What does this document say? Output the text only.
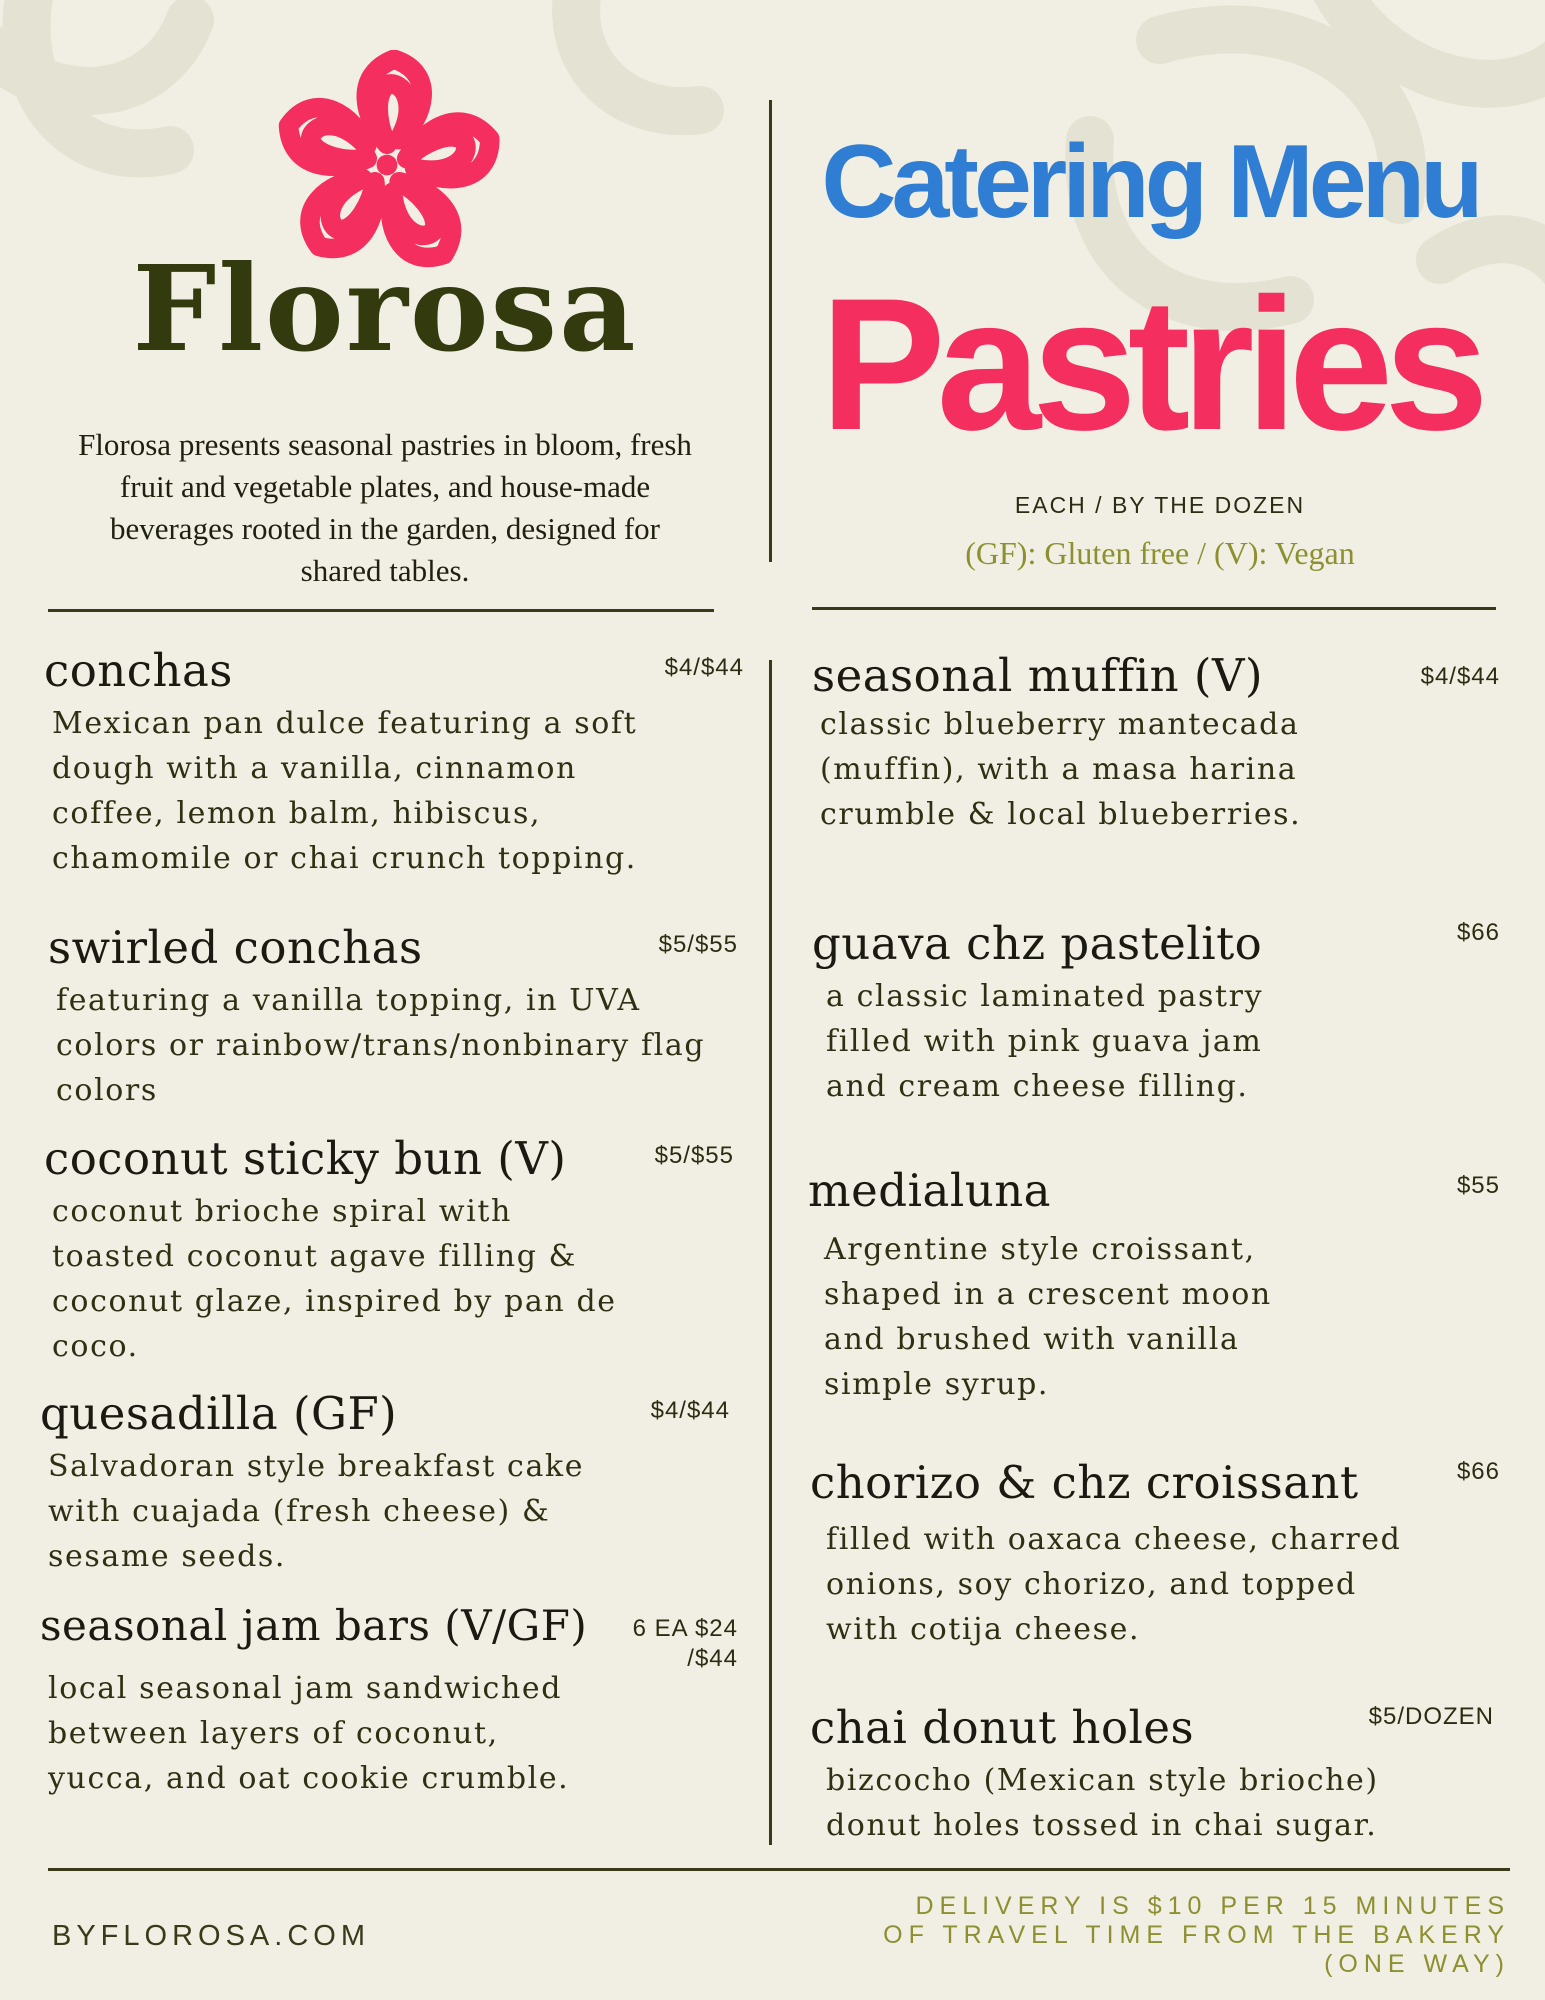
Florosa
Florosa presents seasonal pastries in bloom, fresh fruit and vegetable plates, and house-made beverages rooted in the garden, designed for shared tables.
Catering Menu
Pastries
EACH / BY THE DOZEN
(GF): Gluten free / (V): Vegan
conchas
Mexican pan dulce featuring a soft dough with a vanilla, cinnamon coffee, lemon balm, hibiscus, chamomile or chai crunch topping.
$4/$44
swirled conchas
featuring a vanilla topping, in UVA colors or rainbow/trans/nonbinary flag colors
$5/$55
coconut sticky bun (V)
coconut brioche spiral with toasted coconut agave filling & coconut glaze, inspired by pan de coco.
$5/$55
quesadilla (GF)
Salvadoran style breakfast cake with cuajada (fresh cheese) & sesame seeds.
$4/$44
seasonal jam bars (V/GF)
local seasonal jam sandwiched between layers of coconut, yucca, and oat cookie crumble.
6 EA $24 /$44
seasonal muffin (V)
classic blueberry mantecada (muffin), with a masa harina crumble & local blueberries.
$4/$44
guava chz pastelito
a classic laminated pastry filled with pink guava jam and cream cheese filling.
$66
medialuna
Argentine style croissant, shaped in a crescent moon and brushed with vanilla simple syrup.
$55
chorizo & chz croissant
filled with oaxaca cheese, charred onions, soy chorizo, and topped with cotija cheese.
$66
chai donut holes
bizcocho (Mexican style brioche) donut holes tossed in chai sugar.
$5/DOZEN
BYFLOROSA.COM
DELIVERY IS $10 PER 15 MINUTES OF TRAVEL TIME FROM THE BAKERY (ONE WAY)
